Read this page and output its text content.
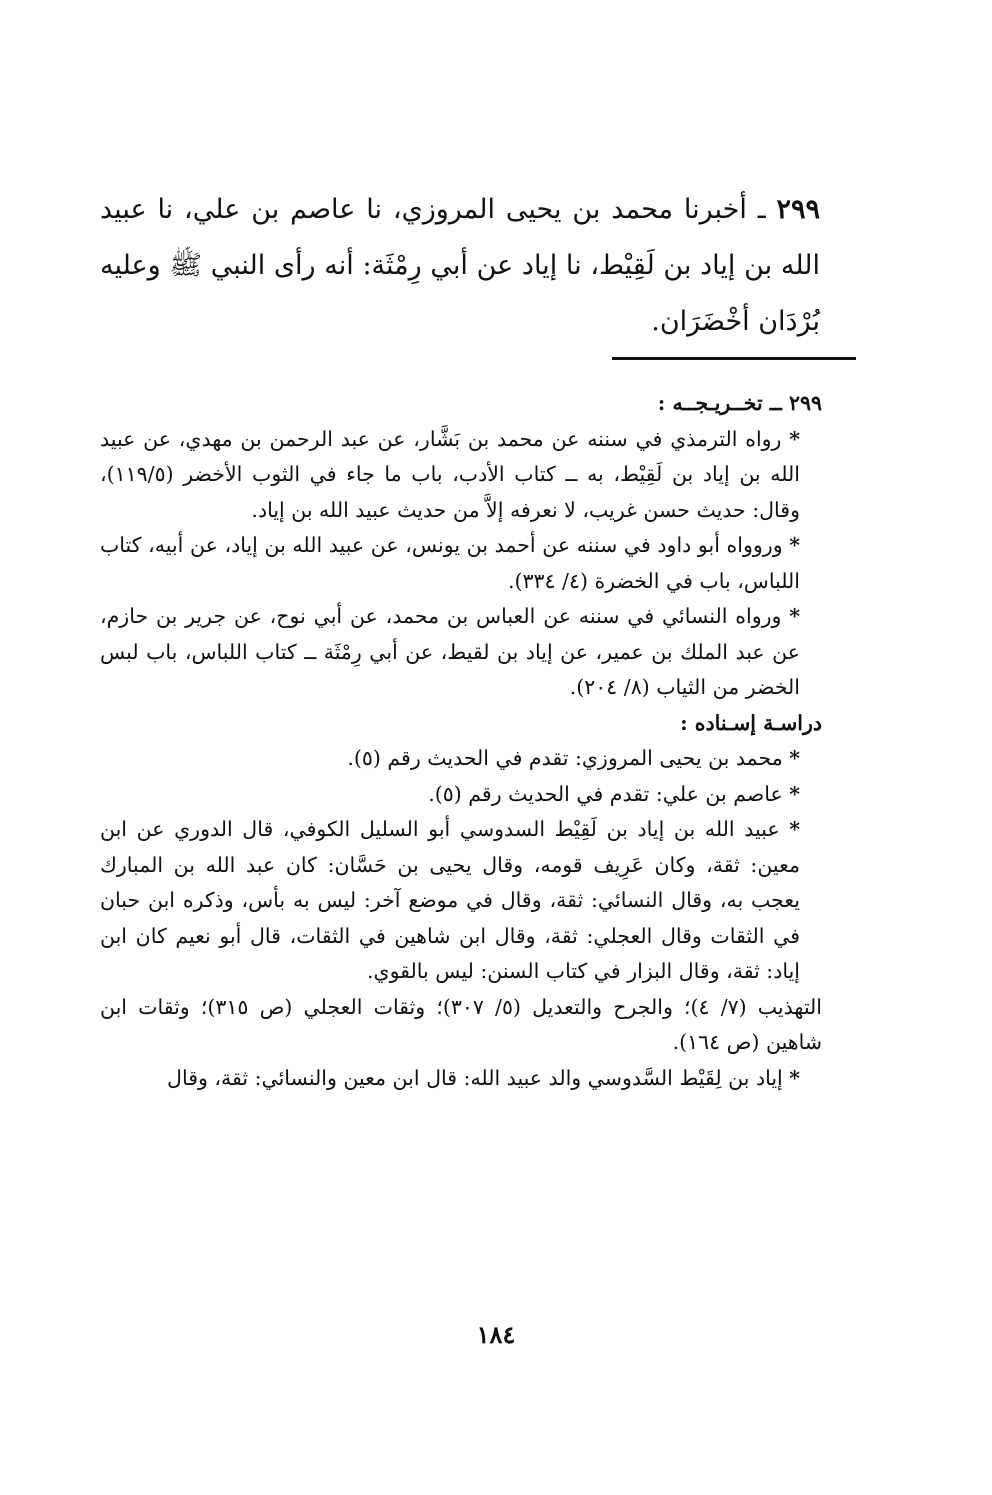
٢٩٩ ـ أخبرنا محمد بن يحيى المروزي، نا عاصم بن علي، نا عبيد الله بن إياد بن لَقِيْط، نا إياد عن أبي رِمْثَة: أنه رأى النبي ﷺ وعليه بُرْدَان أخْضَرَان.

٢٩٩ ــ تخــريـجــه :

* رواه الترمذي في سننه عن محمد بن بَشَّار، عن عبد الرحمن بن مهدي، عن عبيد الله بن إياد بن لَقِيْط، به ــ كتاب الأدب، باب ما جاء في الثوب الأخضر (١١٩/٥)، وقال: حديث حسن غريب، لا نعرفه إلاَّ من حديث عبيد الله بن إياد.

* وروواه أبو داود في سننه عن أحمد بن يونس، عن عبيد الله بن إياد، عن أبيه، كتاب اللباس، باب في الخضرة (٤/ ٣٣٤).

* ورواه النسائي في سننه عن العباس بن محمد، عن أبي نوح، عن جرير بن حازم، عن عبد الملك بن عمير، عن إياد بن لقيط، عن أبي رِمْثَة ــ كتاب اللباس، باب لبس الخضر من الثياب (٨/ ٢٠٤).

دراسـة إسـناده :

* محمد بن يحيى المروزي: تقدم في الحديث رقم (٥).

* عاصم بن علي: تقدم في الحديث رقم (٥).

* عبيد الله بن إياد بن لَقِيْط السدوسي أبو السليل الكوفي، قال الدوري عن ابن معين: ثقة، وكان عَرِيف قومه، وقال يحيى بن حَسَّان: كان عبد الله بن المبارك يعجب به، وقال النسائي: ثقة، وقال في موضع آخر: ليس به بأس، وذكره ابن حبان في الثقات وقال العجلي: ثقة، وقال ابن شاهين في الثقات، قال أبو نعيم كان ابن إياد: ثقة، وقال البزار في كتاب السنن: ليس بالقوي.

التهذيب (٧/ ٤)؛ والجرح والتعديل (٥/ ٣٠٧)؛ وثقات العجلي (ص ٣١٥)؛ وثقات ابن شاهين (ص ١٦٤).

* إياد بن لِقَيْط السَّدوسي والد عبيد الله: قال ابن معين والنسائي: ثقة، وقال

١٨٤
